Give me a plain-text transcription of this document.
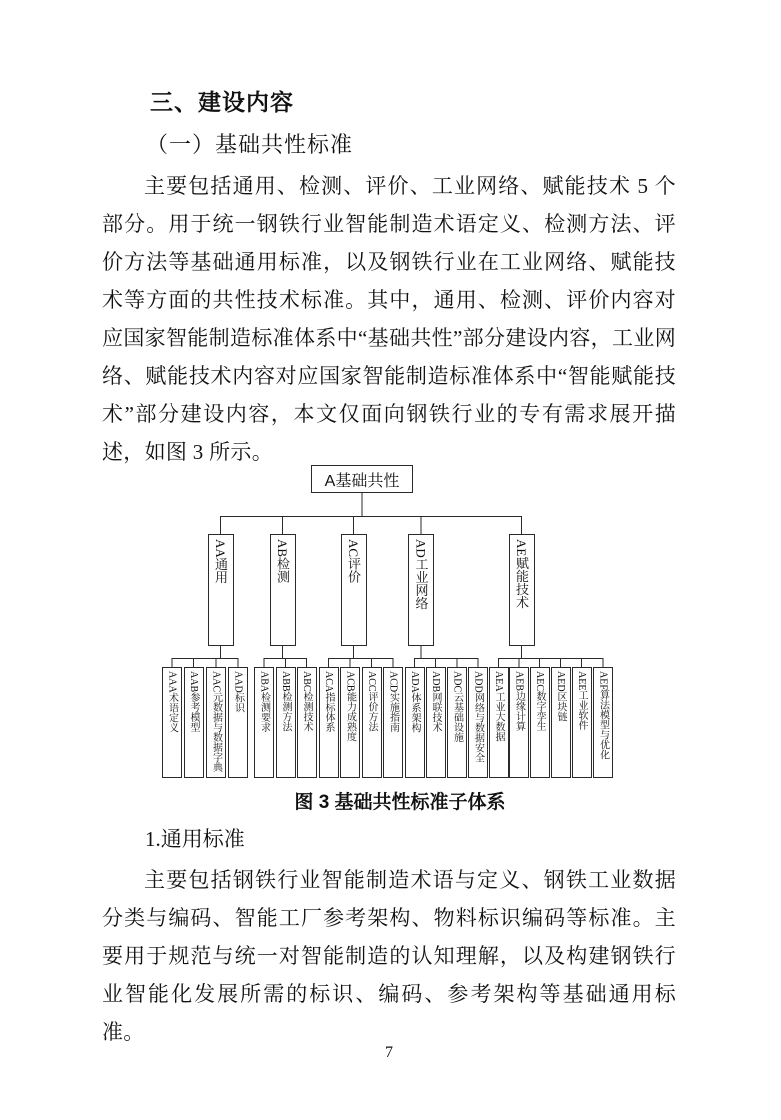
三、建设内容
（一）基础共性标准
主要包括通用、检测、评价、工业网络、赋能技术 5 个部分。用于统一钢铁行业智能制造术语定义、检测方法、评价方法等基础通用标准，以及钢铁行业在工业网络、赋能技术等方面的共性技术标准。其中，通用、检测、评价内容对应国家智能制造标准体系中“基础共性”部分建设内容，工业网络、赋能技术内容对应国家智能制造标准体系中“智能赋能技术”部分建设内容，本文仅面向钢铁行业的专有需求展开描述，如图 3 所示。
A基础共性
AA通用	AB检测	AC评价	AD工业网络	AE赋能技术
AAA术语定义 AAB参考模型 AAC元数据与数据字典 AAD标识 ABA检测要求 ABB检测方法 ABC检测技术 ACA指标体系 ACB能力成熟度 ACC评价方法 ACD实施指南 ADA体系架构 ADB网联技术 ADC云基础设施 ADD网络与数据安全 AEA工业大数据 AEB边缘计算 AEC数字孪生 AED区块链 AEE工业软件 AEF算法模型与优化
图 3 基础共性标准子体系
1.通用标准
主要包括钢铁行业智能制造术语与定义、钢铁工业数据分类与编码、智能工厂参考架构、物料标识编码等标准。主要用于规范与统一对智能制造的认知理解，以及构建钢铁行业智能化发展所需的标识、编码、参考架构等基础通用标准。
7
